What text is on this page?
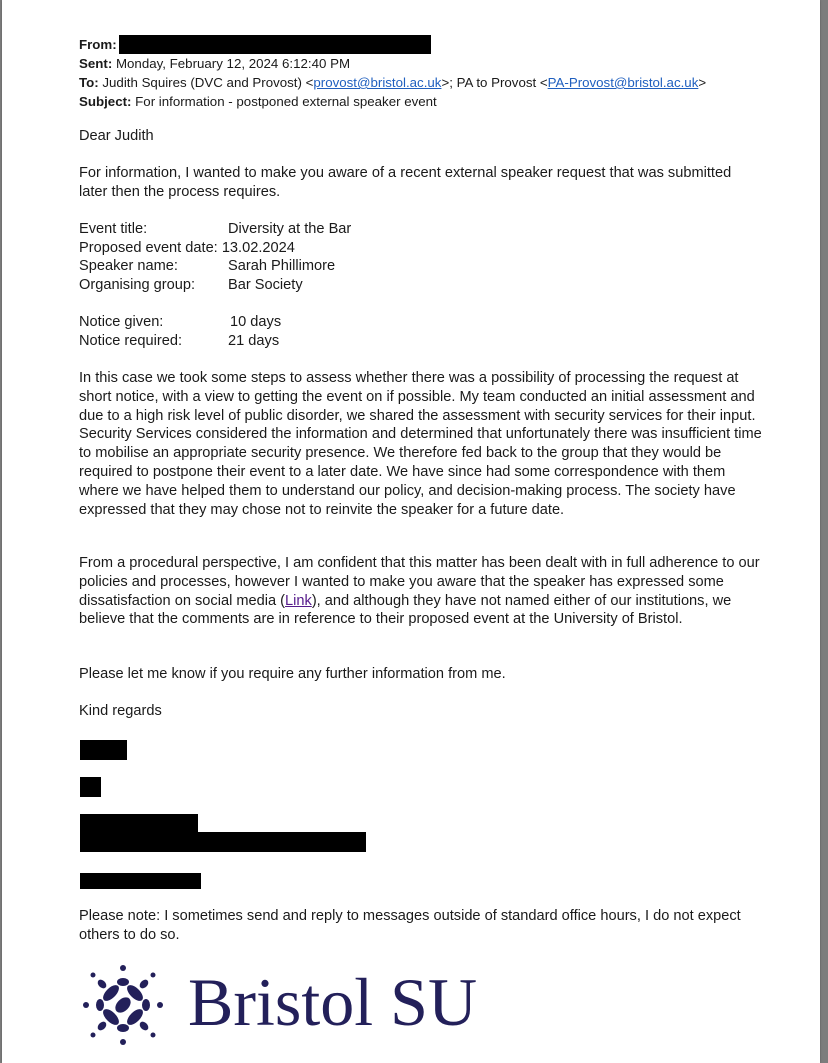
From:
Sent: Monday, February 12, 2024 6:12:40 PM
To: Judith Squires (DVC and Provost) <provost@bristol.ac.uk>; PA to Provost <PA-Provost@bristol.ac.uk>
Subject: For information - postponed external speaker event
Dear Judith
For information, I wanted to make you aware of a recent external speaker request that was submitted later then the process requires.
Event title:	Diversity at the Bar
Proposed event date: 13.02.2024
Speaker name:	Sarah Phillimore
Organising group: Bar Society
Notice given:	10 days
Notice required:	21 days
In this case we took some steps to assess whether there was a possibility of processing the request at short notice, with a view to getting the event on if possible. My team conducted an initial assessment and due to a high risk level of public disorder, we shared the assessment with security services for their input. Security Services considered the information and determined that unfortunately there was insufficient time to mobilise an appropriate security presence. We therefore fed back to the group that they would be required to postpone their event to a later date. We have since had some correspondence with them where we have helped them to understand our policy, and decision-making process. The society have expressed that they may chose not to reinvite the speaker for a future date.
From a procedural perspective, I am confident that this matter has been dealt with in full adherence to our policies and processes, however I wanted to make you aware that the speaker has expressed some dissatisfaction on social media (Link), and although they have not named either of our institutions, we believe that the comments are in reference to their proposed event at the University of Bristol.
Please let me know if you require any further information from me.
Kind regards
Please note: I sometimes send and reply to messages outside of standard office hours, I do not expect others to do so.
Bristol SU
